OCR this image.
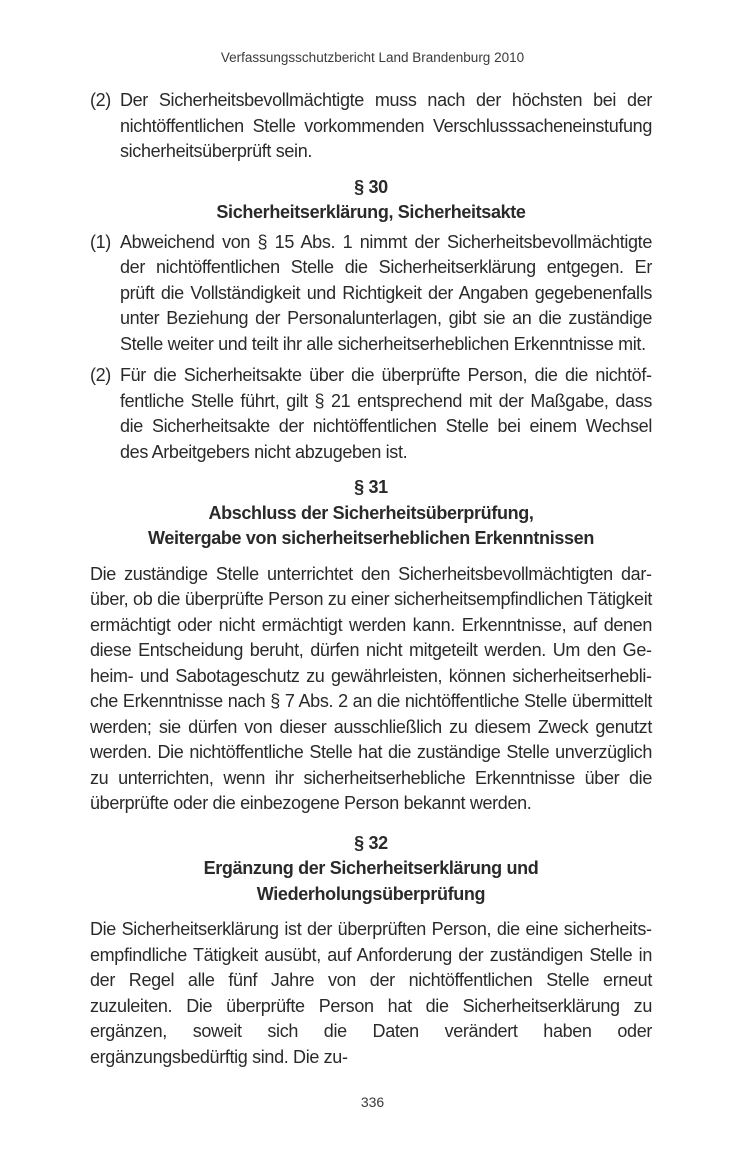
Verfassungsschutzbericht Land Brandenburg 2010
(2) Der Sicherheitsbevollmächtigte muss nach der höchsten bei der nichtöffentlichen Stelle vorkommenden Verschlusssacheneinstufung sicherheitsüberprüft sein.
§ 30
Sicherheitserklärung, Sicherheitsakte
(1) Abweichend von § 15 Abs. 1 nimmt der Sicherheitsbevollmächtigte der nichtöffentlichen Stelle die Sicherheitserklärung entgegen. Er prüft die Vollständigkeit und Richtigkeit der Angaben gegebenenfalls unter Beziehung der Personalunterlagen, gibt sie an die zuständige Stelle weiter und teilt ihr alle sicherheitserheblichen Erkenntnisse mit.
(2) Für die Sicherheitsakte über die überprüfte Person, die die nichtöffentliche Stelle führt, gilt § 21 entsprechend mit der Maßgabe, dass die Sicherheitsakte der nichtöffentlichen Stelle bei einem Wechsel des Arbeitgebers nicht abzugeben ist.
§ 31
Abschluss der Sicherheitsüberprüfung,
Weitergabe von sicherheitserheblichen Erkenntnissen
Die zuständige Stelle unterrichtet den Sicherheitsbevollmächtigten darüber, ob die überprüfte Person zu einer sicherheitsempfindlichen Tätigkeit ermächtigt oder nicht ermächtigt werden kann. Erkenntnisse, auf denen diese Entscheidung beruht, dürfen nicht mitgeteilt werden. Um den Geheim- und Sabotageschutz zu gewährleisten, können sicherheitserhebliche Erkenntnisse nach § 7 Abs. 2 an die nichtöffentliche Stelle übermittelt werden; sie dürfen von dieser ausschließlich zu diesem Zweck genutzt werden. Die nichtöffentliche Stelle hat die zuständige Stelle unverzüglich zu unterrichten, wenn ihr sicherheitserhebliche Erkenntnisse über die überprüfte oder die einbezogene Person bekannt werden.
§ 32
Ergänzung der Sicherheitserklärung und
Wiederholungsüberprüfung
Die Sicherheitserklärung ist der überprüften Person, die eine sicherheitsempfindliche Tätigkeit ausübt, auf Anforderung der zuständigen Stelle in der Regel alle fünf Jahre von der nichtöffentlichen Stelle erneut zuzuleiten. Die überprüfte Person hat die Sicherheitserklärung zu ergänzen, soweit sich die Daten verändert haben oder ergänzungsbedürftig sind. Die zu-
336
